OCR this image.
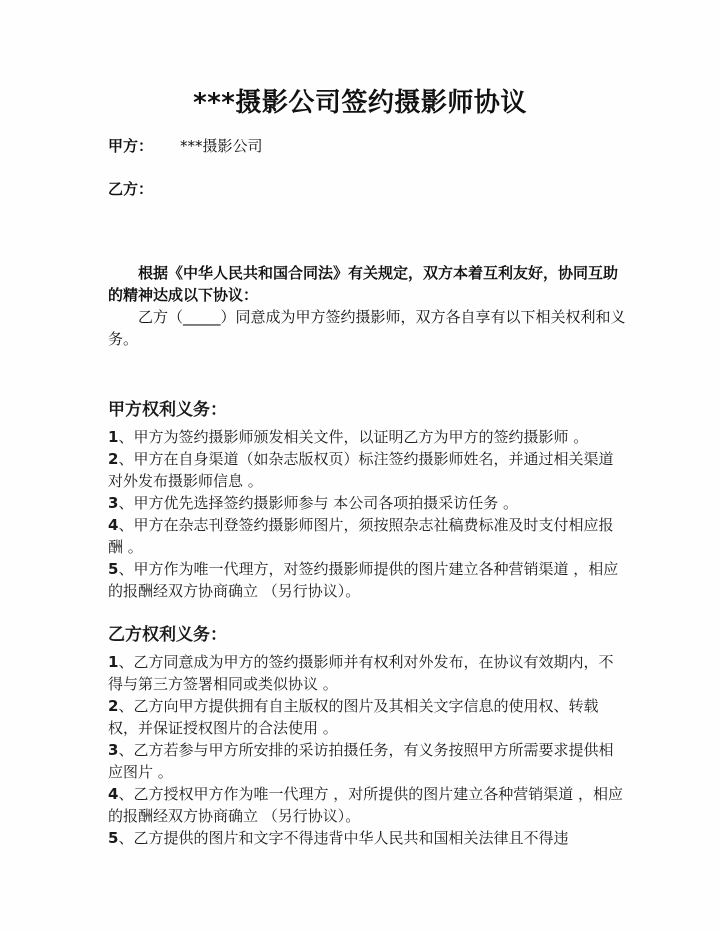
***摄影公司签约摄影师协议
甲方： ***摄影公司
乙方：

根据《中华人民共和国合同法》有关规定，双方本着互利友好，协同互助的精神达成以下协议：

乙方（_____）同意成为甲方签约摄影师，双方各自享有以下相关权利和义务。

甲方权利义务：
1、甲方为签约摄影师颁发相关文件，以证明乙方为甲方的签约摄影师 。
2、甲方在自身渠道（如杂志版权页）标注签约摄影师姓名，并通过相关渠道对外发布摄影师信息 。
3、甲方优先选择签约摄影师参与 本公司各项拍摄采访任务 。
4、甲方在杂志刊登签约摄影师图片，须按照杂志社稿费标准及时支付相应报酬 。
5、甲方作为唯一代理方，对签约摄影师提供的图片建立各种营销渠道 ，相应的报酬经双方协商确立 （另行协议）。
乙方权利义务：
1、乙方同意成为甲方的签约摄影师并有权利对外发布，在协议有效期内，不得与第三方签署相同或类似协议 。
2、乙方向甲方提供拥有自主版权的图片及其相关文字信息的使用权、转载权，并保证授权图片的合法使用 。
3、乙方若参与甲方所安排的采访拍摄任务，有义务按照甲方所需要求提供相应图片 。
4、乙方授权甲方作为唯一代理方 ，对所提供的图片建立各种营销渠道 ，相应的报酬经双方协商确立 （另行协议）。
5、乙方提供的图片和文字不得违背中华人民共和国相关法律且不得违
